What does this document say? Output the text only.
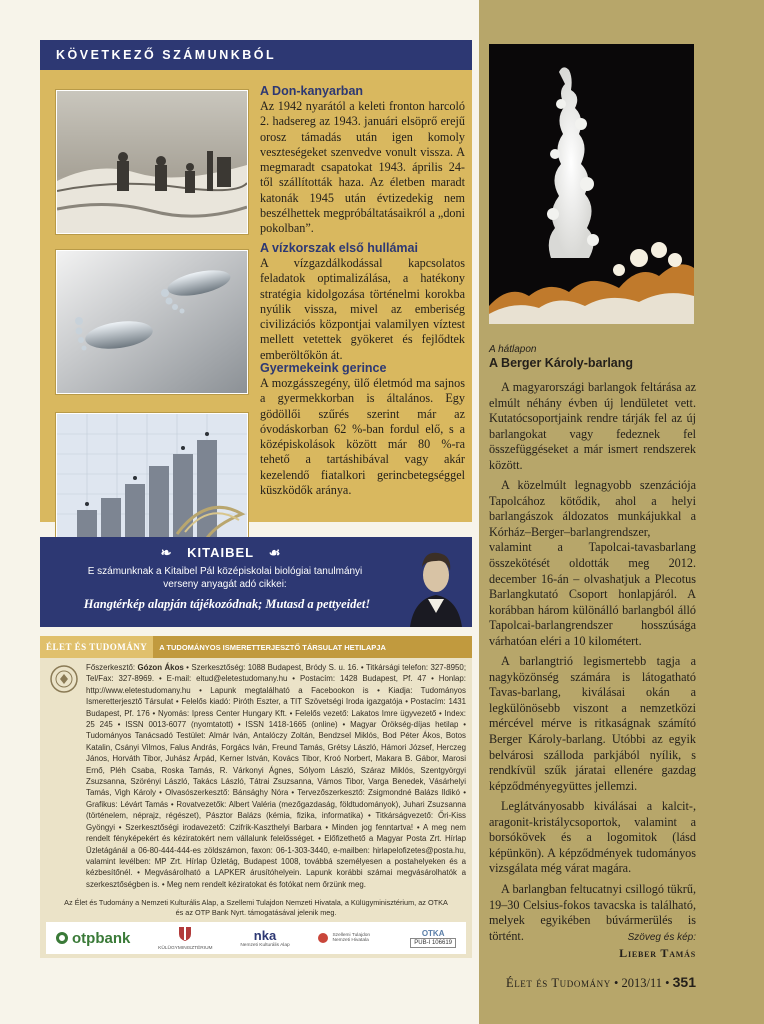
KÖVETKEZŐ SZÁMUNKBÓL

A Don-kanyarban

Az 1942 nyarától a keleti fronton harcoló 2. hadsereg az 1943. januári elsöprő erejű orosz támadás után igen komoly veszteségeket szenvedve vonult vissza. A megmaradt csapatokat 1943. április 24-től szállították haza. Az életben maradt katonák 1945 után évtizedekig nem beszélhettek megpróbáltatásaikról a „doni pokolban”.

A vízkorszak első hullámai

A vízgazdálkodással kapcsolatos feladatok optimalizálása, a hatékony stratégia kidolgozása történelmi korokba nyúlik vissza, mivel az emberiség civilizációs központjai valamilyen víztest mellett vetettek gyökeret és fejlődtek emberöltőkön át.

Gyermekeink gerince

A mozgásszegény, ülő életmód ma sajnos a gyermekkorban is általános. Egy gödöllői szűrés szerint már az óvodáskorban 62 %-ban fordul elő, s a középiskolások között már 80 %-ra tehető a tartáshibával vagy akár kezelendő fiatalkori gerincbetegséggel küszködők aránya.

❧ KITAIBEL ☙
E számunknak a Kitaibel Pál középiskolai biológiai tanulmányi verseny anyagát adó cikkei:
Hangtérkép alapján tájékozódnak; Mutasd a pettyeidet!
ÉLET ÉS TUDOMÁNY	A TUDOMÁNYOS ISMERETTERJESZTŐ TÁRSULAT HETILAPJA
Főszerkesztő: Gózon Ákos • Szerkesztőség: 1088 Budapest, Bródy S. u. 16. • Titkársági telefon: 327-8950; Tel/Fax: 327-8969. • E-mail: eltud@eletestudomany.hu • Postacím: 1428 Budapest, Pf. 47 • Honlap: http://www.eletestudomany.hu • Lapunk megtalálható a Facebookon is • Kiadja: Tudományos Ismeretterjesztő Társulat • Felelős kiadó: Piróth Eszter, a TIT Szövetségi Iroda igazgatója • Postacím: 1431 Budapest, Pf. 176 • Nyomás: Ipress Center Hungary Kft. • Felelős vezető: Lakatos Imre ügyvezető • Index: 25 245 • ISSN 0013-6077 (nyomtatott) • ISSN 1418-1665 (online) • Magyar Örökség-díjas hetilap • Tudományos Tanácsadó Testület: Almár Iván, Antalóczy Zoltán, Bendzsel Miklós, Bod Péter Ákos, Botos Katalin, Csányi Vilmos, Falus András, Forgács Iván, Freund Tamás, Grétsy László, Hámori József, Herczeg János, Horváth Tibor, Juhász Árpád, Kerner István, Kovács Tibor, Kroó Norbert, Makara B. Gábor, Marosi Ernő, Pléh Csaba, Roska Tamás, R. Várkonyi Ágnes, Sólyom László, Száraz Miklós, Szentgyörgyi Zsuzsanna, Szörényi László, Takács László, Tátrai Zsuzsanna, Vámos Tibor, Varga Benedek, Vásárhelyi Tamás, Vigh Károly • Olvasószerkesztő: Bánsághy Nóra • Tervezőszerkesztő: Zsigmondné Balázs Ildikó • Grafikus: Lévárt Tamás • Rovatvezetők: Albert Valéria (mezőgazdaság, földtudományok), Juhari Zsuzsanna (történelem, néprajz, régészet), Pásztor Balázs (kémia, fizika, informatika) • Titkárságvezető: Őri-Kiss Gyöngyi • Szerkesztőségi irodavezető: Czifrik-Kaszthelyi Barbara • Minden jog fenntartva! • A meg nem rendelt fényképekért és kéziratokért nem vállalunk felelősséget. • Előfizethető a Magyar Posta Zrt. Hírlap Üzletágánál a 06-80-444-444-es zöldszámon, faxon: 06-1-303-3440, e-mailben: hirlapelofizetes@posta.hu, valamint levélben: MP Zrt. Hírlap Üzletág, Budapest 1008, továbbá személyesen a postahelyeken és a kézbesítőnél. • Megvásárolható a LAPKER árusítóhelyein. Lapunk korábbi számai megvásárolhatók a szerkesztőségben is. • Meg nem rendelt kéziratokat és fotókat nem őrzünk meg.
Az Élet és Tudomány a Nemzeti Kulturális Alap, a Szellemi Tulajdon Nemzeti Hivatala, a Külügyminisztérium, az OTKA és az OTP Bank Nyrt. támogatásával jelenik meg.
otpbank
KÜLÜGYMINISZTÉRIUM
nka
Nemzeti Kulturális Alap
Szellemi Tulajdon Nemzeti Hivatala
OTKA
PUB-I 106619
A hátlapon
A Berger Károly-barlang

A magyarországi barlangok feltárása az elmúlt néhány évben új lendületet vett. Kutatócsoportjaink rendre tárják fel az új barlangokat vagy fedeznek fel összefüggéseket a már ismert rendszerek között.

A közelmúlt legnagyobb szenzációja Tapolcához kötődik, ahol a helyi barlangászok áldozatos munkájukkal a Kórház–Berger–barlangrendszer, valamint a Tapolcai-tavasbarlang összekötését oldották meg 2012. december 16-án – olvashatjuk a Plecotus Barlangkutató Csoport honlapjáról. A korábban három különálló barlangból álló Tapolcai-barlangrendszer hosszúsága várhatóan eléri a 10 kilométert.

A barlangtrió legismertebb tagja a nagyközönség számára is látogatható Tavas-barlang, kiválásai okán a legkülönösebb viszont a nemzetközi mércével mérve is ritkaságnak számító Berger Károly-barlang. Utóbbi az egyik belvárosi szálloda parkjából nyílik, s rendkívül szűk járatai ellenére gazdag képződményegyüttes jellemzi.

Leglátványosabb kiválásai a kalcit-, aragonit-kristálycsoportok, valamint a borsókövek és a logomitok (lásd képünkön). A képződmények tudományos vizsgálata még várat magára.

A barlangban feltucatnyi csillogó tükrű, 19–30 Celsius-fokos tavacska is található, melyek egyikében búvármerülés is történt.	Szöveg és kép:
Lieber Tamás
Élet és Tudomány • 2013/11 • 351
